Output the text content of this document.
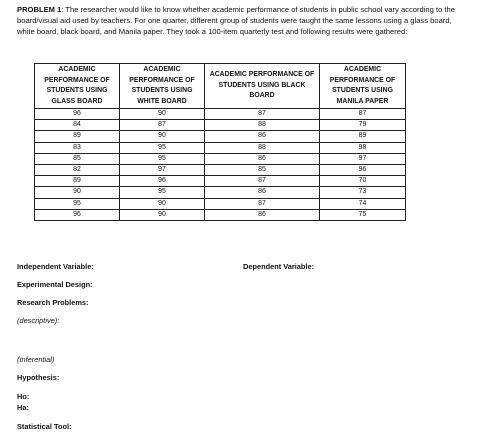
PROBLEM 1: The researcher would like to know whether academic performance of students in public school vary according to the board/visual aid used by teachers. For one quarter, different group of students were taught the same lessons using a glass board, white board, black board, and Manila paper. They took a 100-item quarterly test and following results were gathered:

ACADEMIC PERFORMANCE OF STUDENTS USING GLASS BOARD	ACADEMIC PERFORMANCE OF STUDENTS USING WHITE BOARD	ACADEMIC PERFORMANCE OF STUDENTS USING BLACK BOARD	ACADEMIC PERFORMANCE OF STUDENTS USING MANILA PAPER
96	90	87	87
84	87	88	79
89	90	86	89
83	95	88	98
85	95	86	97
82	97	85	96
89	96	87	70
90	95	86	73
95	90	87	74
96	90	86	75
Independent Variable:	Dependent Variable:
Experimental Design:
Research Problems:
(descriptive):
(Inferential)
Hypothesis:
Ho:
Ha:
Statistical Tool:
